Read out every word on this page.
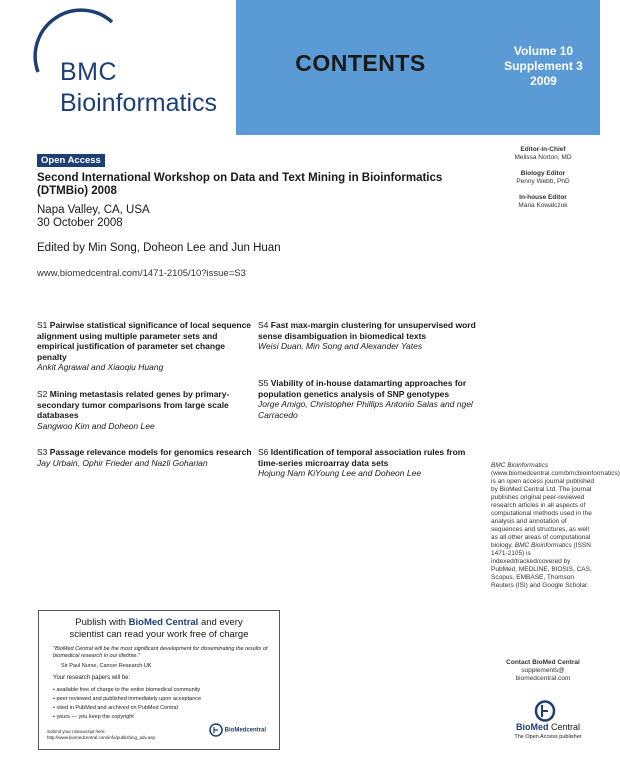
BMC
Bioinformatics
CONTENTS	Volume 10
Supplement 3
2009
Editor-in-Chief
Melissa Norton, MD
Biology Editor
Penny Webb, PhD
In-house Editor
Maria Kowalczuk
Open Access
Second International Workshop on Data and Text Mining in Bioinformatics (DTMBio) 2008
Napa Valley, CA, USA
30 October 2008
Edited by Min Song, Doheon Lee and Jun Huan
www.biomedcentral.com/1471-2105/10?issue=S3
S1 Pairwise statistical significance of local sequence alignment using multiple parameter sets and empirical justification of parameter set change penalty
Ankit Agrawal and Xiaoqiu Huang
S2 Mining metastasis related genes by primary-secondary tumor comparisons from large scale databases
Sangwoo Kim and Doheon Lee
S3 Passage relevance models for genomics research
Jay Urbain, Ophir Frieder and Nazli Goharian
S4 Fast max-margin clustering for unsupervised word sense disambiguation in biomedical texts
Weisi Duan, Min Song and Alexander Yates
S5 Viability of in-house datamarting approaches for population genetics analysis of SNP genotypes
Jorge Amigo, Christopher Phillips Antonio Salas and ngel Carracedo
S6 Identification of temporal association rules from time-series microarray data sets
Hojung Nam KiYoung Lee and Doheon Lee
Publish with BioMed Central and every
scientist can read your work free of charge
"BioMed Central will be the most significant development for disseminating the results of biomedical research in our lifetime."
Sir Paul Nurse, Cancer Research UK
Your research papers will be:
• available free of charge to the entire biomedical community
• peer reviewed and published immediately upon acceptance
• cited in PubMed and archived on PubMed Central
• yours — you keep the copyright
Submit your manuscript here:
http://www.biomedcentral.com/info/publishing_adv.asp
BioMedcentral
BMC Bioinformatics (www.biomedcentral.com/bmcbioinformatics) is an open access journal published by BioMed Central Ltd. The journal publishes original peer-reviewed research articles in all aspects of computational methods used in the analysis and annotation of sequences and structures, as well as all other areas of computational biology. BMC Bioinformatics (ISSN 1471-2105) is indexed/tracked/covered by PubMed, MEDLINE, BIOSIS, CAS, Scopus, EMBASE, Thomson Reuters (ISI) and Google Scholar.
Contact BioMed Central
supplements@
biomedcentral.com
BioMed Central
The Open Access publisher
